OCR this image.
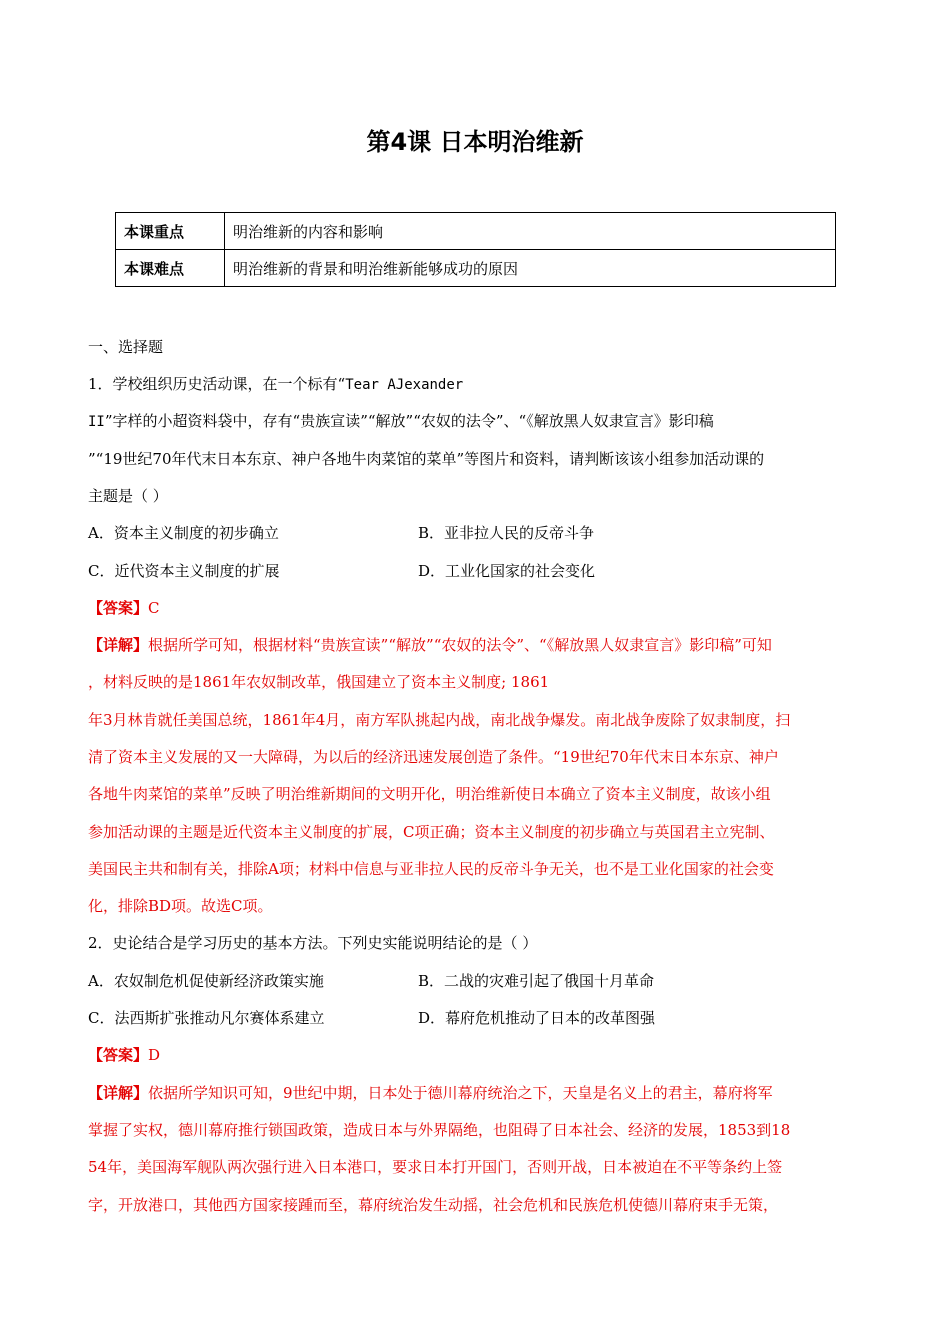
第4课 日本明治维新
本课重点	明治维新的内容和影响
本课难点	明治维新的背景和明治维新能够成功的原因
一、选择题
1．学校组织历史活动课，在一个标有“Tear AJexander
II”字样的小超资料袋中，存有“贵族宣读”“解放”“农奴的法令”、“《解放黑人奴隶宣言》影印稿
”“19世纪70年代末日本东京、神户各地牛肉菜馆的菜单”等图片和资料，请判断该该小组参加活动课的
主题是（ ）
A．资本主义制度的初步确立	B．亚非拉人民的反帝斗争
C．近代资本主义制度的扩展	D．工业化国家的社会变化
【答案】C
【详解】根据所学可知，根据材料“贵族宣读”“解放”“农奴的法令”、“《解放黑人奴隶宣言》影印稿”可知
，材料反映的是1861年农奴制改革，俄国建立了资本主义制度; 1861
年3月林肯就任美国总统，1861年4月，南方军队挑起内战，南北战争爆发。南北战争废除了奴隶制度，扫
清了资本主义发展的又一大障碍，为以后的经济迅速发展创造了条件。“19世纪70年代末日本东京、神户
各地牛肉菜馆的菜单”反映了明治维新期间的文明开化，明治维新使日本确立了资本主义制度，故该小组
参加活动课的主题是近代资本主义制度的扩展，C项正确；资本主义制度的初步确立与英国君主立宪制、
美国民主共和制有关，排除A项；材料中信息与亚非拉人民的反帝斗争无关，也不是工业化国家的社会变
化，排除BD项。故选C项。
2．史论结合是学习历史的基本方法。下列史实能说明结论的是（ ）
A．农奴制危机促使新经济政策实施	B．二战的灾难引起了俄国十月革命
C．法西斯扩张推动凡尔赛体系建立	D．幕府危机推动了日本的改革图强
【答案】D
【详解】依据所学知识可知，9世纪中期，日本处于德川幕府统治之下，天皇是名义上的君主，幕府将军
掌握了实权，德川幕府推行锁国政策，造成日本与外界隔绝，也阻碍了日本社会、经济的发展，1853到18
54年，美国海军舰队两次强行进入日本港口，要求日本打开国门，否则开战，日本被迫在不平等条约上签
字，开放港口，其他西方国家接踵而至，幕府统治发生动摇，社会危机和民族危机使德川幕府束手无策，
